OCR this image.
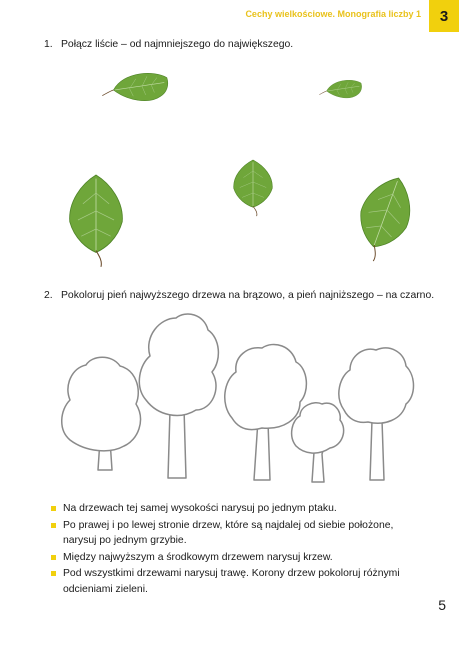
Cechy wielkościowe. Monografia liczby 1	3
1. Połącz liście – od najmniejszego do największego.
2. Pokoloruj pień najwyższego drzewa na brązowo, a pień najniższego – na czarno.
Na drzewach tej samej wysokości narysuj po jednym ptaku.
Po prawej i po lewej stronie drzew, które są najdalej od siebie położone, narysuj po jednym grzybie.
Między najwyższym a środkowym drzewem narysuj krzew.
Pod wszystkimi drzewami narysuj trawę. Korony drzew pokoloruj różnymi odcieniami zieleni.
5
